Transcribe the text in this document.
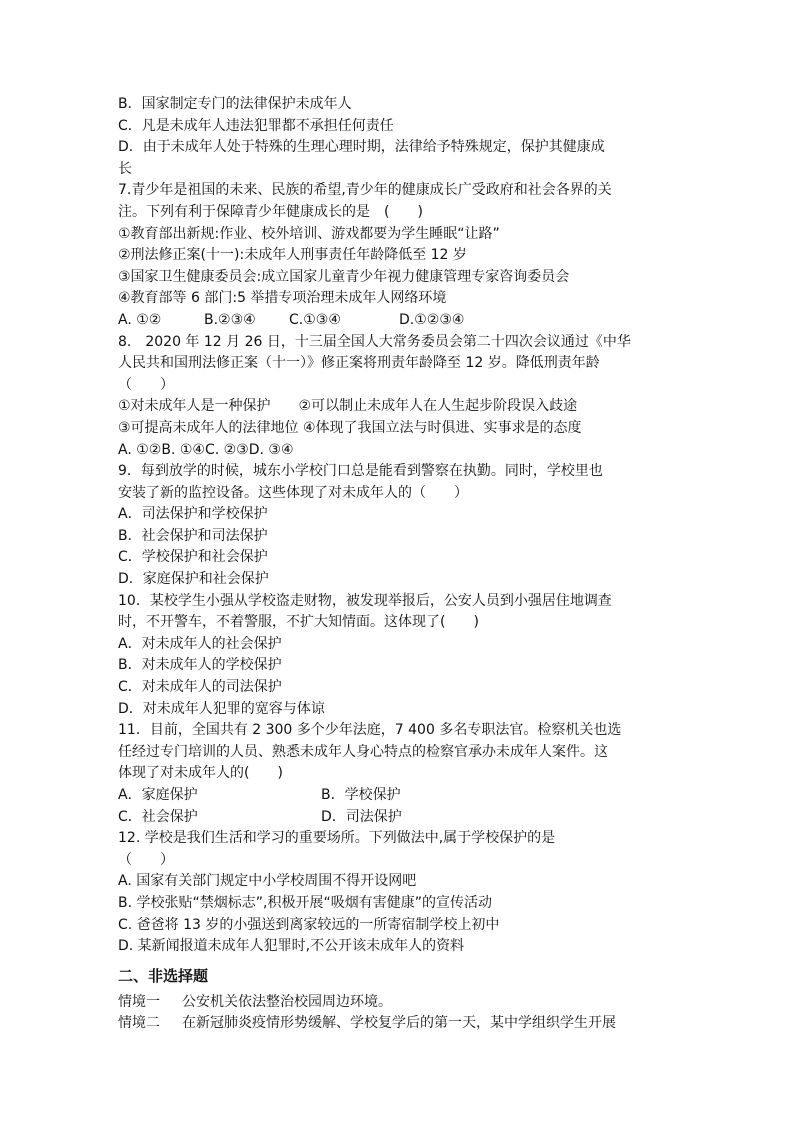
B．国家制定专门的法律保护未成年人
C．凡是未成年人违法犯罪都不承担任何责任
D．由于未成年人处于特殊的生理心理时期，法律给予特殊规定，保护其健康成
长
7.青少年是祖国的未来、民族的希望,青少年的健康成长广受政府和社会各界的关
注。下列有利于保障青少年健康成长的是　(　　)
①教育部出新规:作业、校外培训、游戏都要为学生睡眠“让路”
②刑法修正案(十一):未成年人刑事责任年龄降低至 12 岁
③国家卫生健康委员会:成立国家儿童青少年视力健康管理专家咨询委员会
④教育部等 6 部门:5 举措专项治理未成年人网络环境
A. ①②	B.②③④	C.①③④	D.①②③④
8.　2020 年 12 月 26 日，十三届全国人大常务委员会第二十四次会议通过《中华
人民共和国刑法修正案（十一）》修正案将刑责年龄降至 12 岁。降低刑责年龄
（　　）
①对未成年人是一种保护　　②可以制止未成年人在人生起步阶段误入歧途
③可提高未成年人的法律地位 ④体现了我国立法与时俱进、实事求是的态度
A. ①②B. ①④C. ②③D. ③④
9．每到放学的时候，城东小学校门口总是能看到警察在执勤。同时，学校里也
安装了新的监控设备。这些体现了对未成年人的（　　）
A．司法保护和学校保护
B．社会保护和司法保护
C．学校保护和社会保护
D．家庭保护和社会保护
10．某校学生小强从学校盗走财物，被发现举报后，公安人员到小强居住地调查
时，不开警车，不着警服，不扩大知情面。这体现了(　　)
A．对未成年人的社会保护
B．对未成年人的学校保护
C．对未成年人的司法保护
D．对未成年人犯罪的宽容与体谅
11．目前，全国共有 2 300 多个少年法庭，7 400 多名专职法官。检察机关也选
任经过专门培训的人员、熟悉未成年人身心特点的检察官承办未成年人案件。这
体现了对未成年人的(　　)
A．家庭保护	B．学校保护
C．社会保护	D．司法保护
12. 学校是我们生活和学习的重要场所。下列做法中,属于学校保护的是
（　　）
A. 国家有关部门规定中小学校周围不得开设网吧
B. 学校张贴“禁烟标志”,积极开展“吸烟有害健康”的宣传活动
C. 爸爸将 13 岁的小强送到离家较远的一所寄宿制学校上初中
D. 某新闻报道未成年人犯罪时,不公开该未成年人的资料
二、非选择题
情境一	公安机关依法整治校园周边环境。
情境二	在新冠肺炎疫情形势缓解、学校复学后的第一天，某中学组织学生开展
